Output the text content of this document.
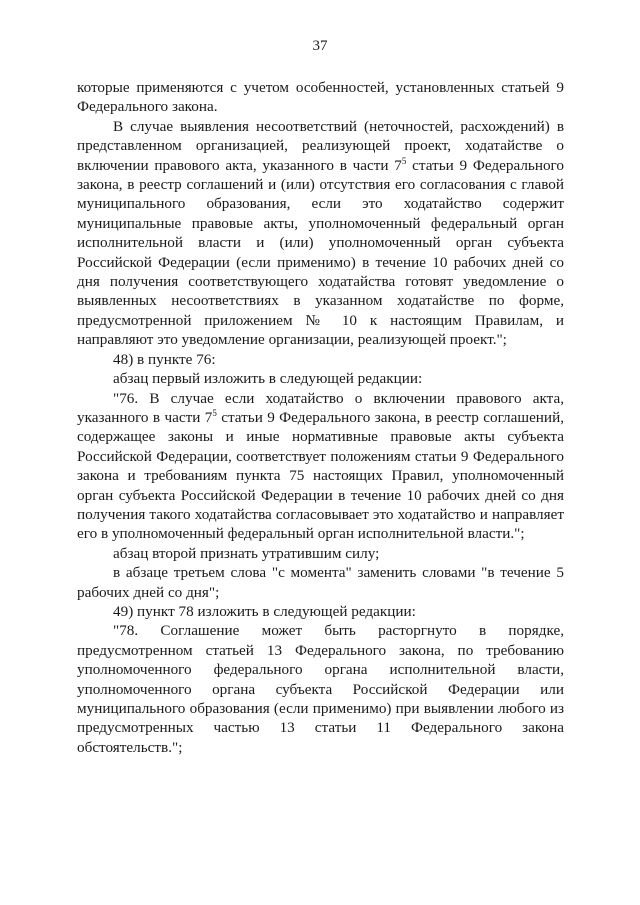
37

которые применяются с учетом особенностей, установленных статьей 9 Федерального закона.

В случае выявления несоответствий (неточностей, расхождений) в представленном организацией, реализующей проект, ходатайстве о включении правового акта, указанного в части $7^5$ статьи 9 Федерального закона, в реестр соглашений и (или) отсутствия его согласования с главой муниципального образования, если это ходатайство содержит муниципальные правовые акты, уполномоченный федеральный орган исполнительной власти и (или) уполномоченный орган субъекта Российской Федерации (если применимо) в течение 10 рабочих дней со дня получения соответствующего ходатайства готовят уведомление о выявленных несоответствиях в указанном ходатайстве по форме, предусмотренной приложением № 10 к настоящим Правилам, и направляют это уведомление организации, реализующей проект.";

48) в пункте 76:

абзац первый изложить в следующей редакции:

"76. В случае если ходатайство о включении правового акта, указанного в части $7^5$ статьи 9 Федерального закона, в реестр соглашений, содержащее законы и иные нормативные правовые акты субъекта Российской Федерации, соответствует положениям статьи 9 Федерального закона и требованиям пункта 75 настоящих Правил, уполномоченный орган субъекта Российской Федерации в течение 10 рабочих дней со дня получения такого ходатайства согласовывает это ходатайство и направляет его в уполномоченный федеральный орган исполнительной власти.";

абзац второй признать утратившим силу;

в абзаце третьем слова "с момента" заменить словами "в течение 5 рабочих дней со дня";

49) пункт 78 изложить в следующей редакции:

"78. Соглашение может быть расторгнуто в порядке, предусмотренном статьей 13 Федерального закона, по требованию уполномоченного федерального органа исполнительной власти, уполномоченного органа субъекта Российской Федерации или муниципального образования (если применимо) при выявлении любого из предусмотренных частью 13 статьи 11 Федерального закона обстоятельств.";
